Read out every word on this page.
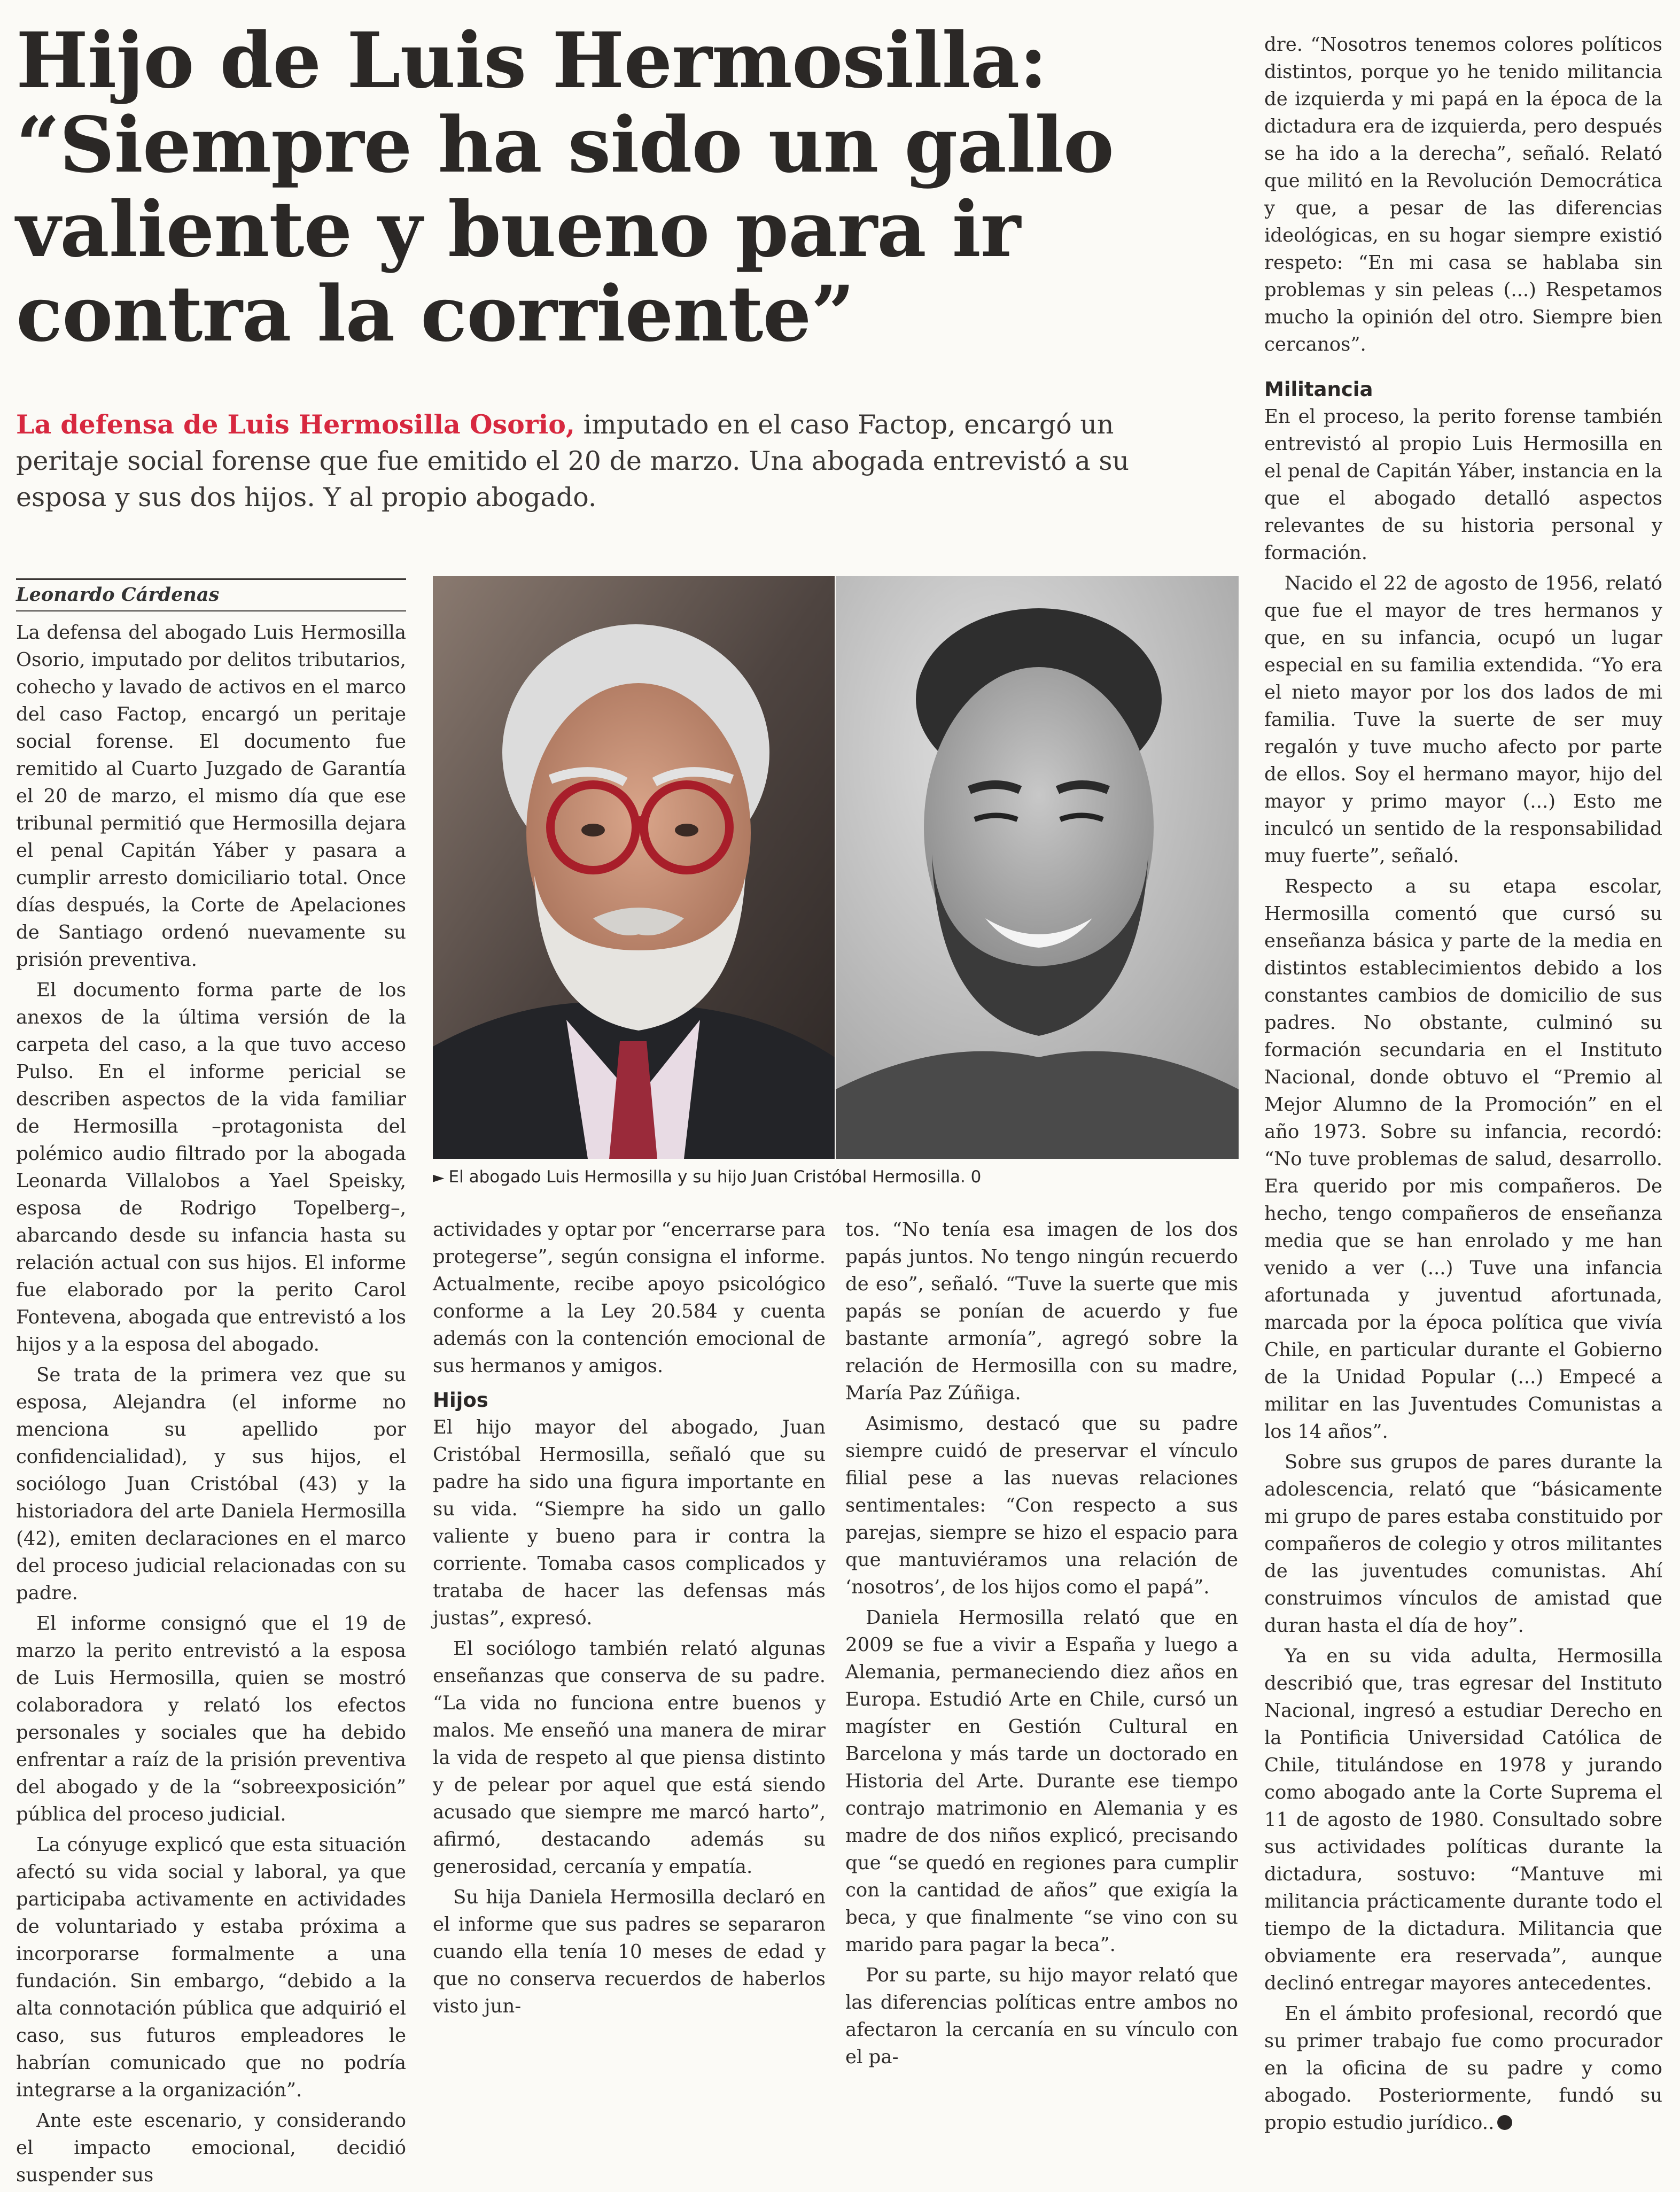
Hijo de Luis Hermosilla:
“Siempre ha sido un gallo
valiente y bueno para ir
contra la corriente”

La defensa de Luis Hermosilla Osorio, imputado en el caso Factop, encargó un peritaje social forense que fue emitido el 20 de marzo. Una abogada entrevistó a su esposa y sus dos hijos. Y al propio abogado.

Leonardo Cárdenas

La defensa del abogado Luis Hermosilla Osorio, imputado por delitos tributarios, cohecho y lavado de activos en el marco del caso Factop, encargó un peritaje social forense. El documento fue remitido al Cuarto Juzgado de Garantía el 20 de marzo, el mismo día que ese tribunal permitió que Hermosilla dejara el penal Capitán Yáber y pasara a cumplir arresto domiciliario total. Once días después, la Corte de Apelaciones de Santiago ordenó nuevamente su prisión preventiva.

El documento forma parte de los anexos de la última versión de la carpeta del caso, a la que tuvo acceso Pulso. En el informe pericial se describen aspectos de la vida familiar de Hermosilla –protagonista del polémico audio filtrado por la abogada Leonarda Villalobos a Yael Speisky, esposa de Rodrigo Topelberg–, abarcando desde su infancia hasta su relación actual con sus hijos. El informe fue elaborado por la perito Carol Fontevena, abogada que entrevistó a los hijos y a la esposa del abogado.

Se trata de la primera vez que su esposa, Alejandra (el informe no menciona su apellido por confidencialidad), y sus hijos, el sociólogo Juan Cristóbal (43) y la historiadora del arte Daniela Hermosilla (42), emiten declaraciones en el marco del proceso judicial relacionadas con su padre.

El informe consignó que el 19 de marzo la perito entrevistó a la esposa de Luis Hermosilla, quien se mostró colaboradora y relató los efectos personales y sociales que ha debido enfrentar a raíz de la prisión preventiva del abogado y de la “sobreexposición” pública del proceso judicial.

La cónyuge explicó que esta situación afectó su vida social y laboral, ya que participaba activamente en actividades de voluntariado y estaba próxima a incorporarse formalmente a una fundación. Sin embargo, “debido a la alta connotación pública que adquirió el caso, sus futuros empleadores le habrían comunicado que no podría integrarse a la organización”.

Ante este escenario, y considerando el impacto emocional, decidió suspender sus

► El abogado Luis Hermosilla y su hijo Juan Cristóbal Hermosilla. 0

actividades y optar por “encerrarse para protegerse”, según consigna el informe. Actualmente, recibe apoyo psicológico conforme a la Ley 20.584 y cuenta además con la contención emocional de sus hermanos y amigos.

Hijos

El hijo mayor del abogado, Juan Cristóbal Hermosilla, señaló que su padre ha sido una figura importante en su vida. “Siempre ha sido un gallo valiente y bueno para ir contra la corriente. Tomaba casos complicados y trataba de hacer las defensas más justas”, expresó.

El sociólogo también relató algunas enseñanzas que conserva de su padre. “La vida no funciona entre buenos y malos. Me enseñó una manera de mirar la vida de respeto al que piensa distinto y de pelear por aquel que está siendo acusado que siempre me marcó harto”, afirmó, destacando además su generosidad, cercanía y empatía.

Su hija Daniela Hermosilla declaró en el informe que sus padres se separaron cuando ella tenía 10 meses de edad y que no conserva recuerdos de haberlos visto jun-

tos. “No tenía esa imagen de los dos papás juntos. No tengo ningún recuerdo de eso”, señaló. “Tuve la suerte que mis papás se ponían de acuerdo y fue bastante armonía”, agregó sobre la relación de Hermosilla con su madre, María Paz Zúñiga.

Asimismo, destacó que su padre siempre cuidó de preservar el vínculo filial pese a las nuevas relaciones sentimentales: “Con respecto a sus parejas, siempre se hizo el espacio para que mantuviéramos una relación de ‘nosotros’, de los hijos como el papá”.

Daniela Hermosilla relató que en 2009 se fue a vivir a España y luego a Alemania, permaneciendo diez años en Europa. Estudió Arte en Chile, cursó un magíster en Gestión Cultural en Barcelona y más tarde un doctorado en Historia del Arte. Durante ese tiempo contrajo matrimonio en Alemania y es madre de dos niños explicó, precisando que “se quedó en regiones para cumplir con la cantidad de años” que exigía la beca, y que finalmente “se vino con su marido para pagar la beca”.

Por su parte, su hijo mayor relató que las diferencias políticas entre ambos no afectaron la cercanía en su vínculo con el pa-

dre. “Nosotros tenemos colores políticos distintos, porque yo he tenido militancia de izquierda y mi papá en la época de la dictadura era de izquierda, pero después se ha ido a la derecha”, señaló. Relató que militó en la Revolución Democrática y que, a pesar de las diferencias ideológicas, en su hogar siempre existió respeto: “En mi casa se hablaba sin problemas y sin peleas (...) Respetamos mucho la opinión del otro. Siempre bien cercanos”.

Militancia

En el proceso, la perito forense también entrevistó al propio Luis Hermosilla en el penal de Capitán Yáber, instancia en la que el abogado detalló aspectos relevantes de su historia personal y formación.

Nacido el 22 de agosto de 1956, relató que fue el mayor de tres hermanos y que, en su infancia, ocupó un lugar especial en su familia extendida. “Yo era el nieto mayor por los dos lados de mi familia. Tuve la suerte de ser muy regalón y tuve mucho afecto por parte de ellos. Soy el hermano mayor, hijo del mayor y primo mayor (...) Esto me inculcó un sentido de la responsabilidad muy fuerte”, señaló.

Respecto a su etapa escolar, Hermosilla comentó que cursó su enseñanza básica y parte de la media en distintos establecimientos debido a los constantes cambios de domicilio de sus padres. No obstante, culminó su formación secundaria en el Instituto Nacional, donde obtuvo el “Premio al Mejor Alumno de la Promoción” en el año 1973. Sobre su infancia, recordó: “No tuve problemas de salud, desarrollo. Era querido por mis compañeros. De hecho, tengo compañeros de enseñanza media que se han enrolado y me han venido a ver (...) Tuve una infancia afortunada y juventud afortunada, marcada por la época política que vivía Chile, en particular durante el Gobierno de la Unidad Popular (...) Empecé a militar en las Juventudes Comunistas a los 14 años”.

Sobre sus grupos de pares durante la adolescencia, relató que “básicamente mi grupo de pares estaba constituido por compañeros de colegio y otros militantes de las juventudes comunistas. Ahí construimos vínculos de amistad que duran hasta el día de hoy”.

Ya en su vida adulta, Hermosilla describió que, tras egresar del Instituto Nacional, ingresó a estudiar Derecho en la Pontificia Universidad Católica de Chile, titulándose en 1978 y jurando como abogado ante la Corte Suprema el 11 de agosto de 1980. Consultado sobre sus actividades políticas durante la dictadura, sostuvo: “Mantuve mi militancia prácticamente durante todo el tiempo de la dictadura. Militancia que obviamente era reservada”, aunque declinó entregar mayores antecedentes.

En el ámbito profesional, recordó que su primer trabajo fue como procurador en la oficina de su padre y como abogado. Posteriormente, fundó su propio estudio jurídico..
